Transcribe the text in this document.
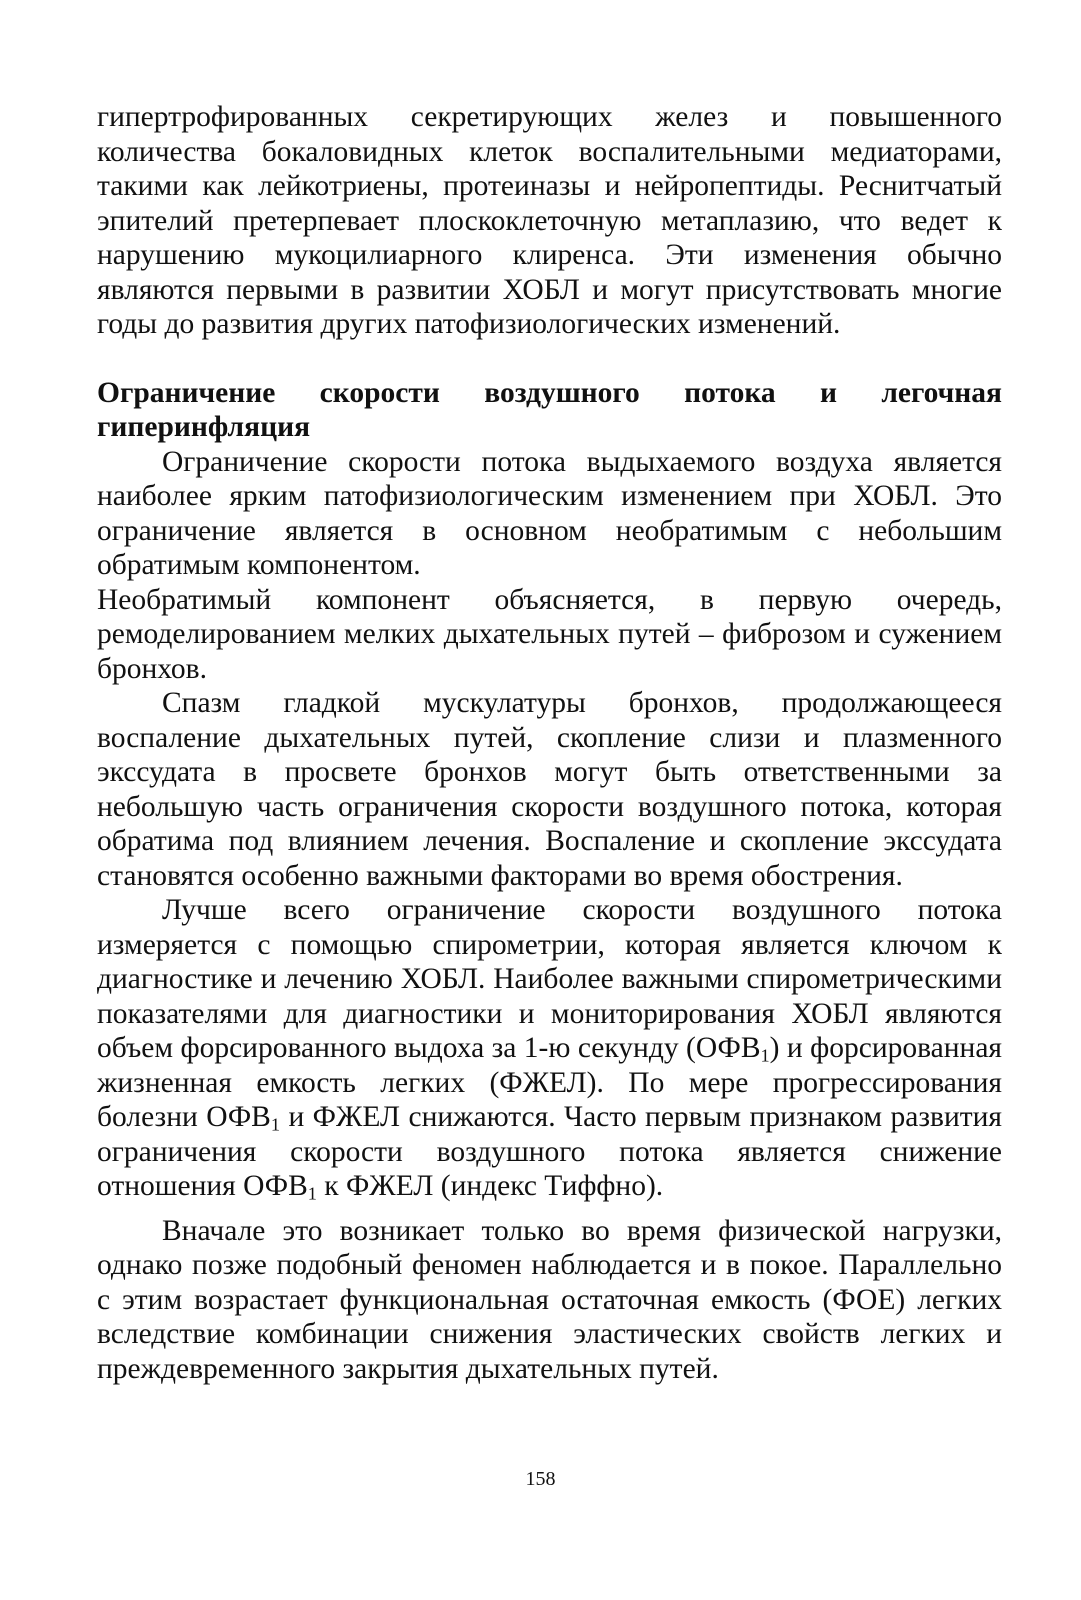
гипертрофированных секретирующих желез и повышенного количества бокаловидных клеток воспалительными медиаторами, такими как лейкотриены, протеиназы и нейропептиды. Реснитчатый эпителий претерпевает плоскоклеточную метаплазию, что ведет к нарушению мукоцилиарного клиренса. Эти изменения обычно являются первыми в развитии ХОБЛ и могут присутствовать многие годы до развития других патофизиологических изменений.

Ограничение скорости воздушного потока и легочная
гиперинфляция

Ограничение скорости потока выдыхаемого воздуха является наиболее ярким патофизиологическим изменением при ХОБЛ. Это ограничение является в основном необратимым с небольшим обратимым компонентом.

Необратимый компонент объясняется, в первую очередь, ремоделированием мелких дыхательных путей – фиброзом и сужением бронхов.

Спазм гладкой мускулатуры бронхов, продолжающееся воспаление дыхательных путей, скопление слизи и плазменного экссудата в просвете бронхов могут быть ответственными за небольшую часть ограничения скорости воздушного потока, которая обратима под влиянием лечения. Воспаление и скопление экссудата становятся особенно важными факторами во время обострения.

Лучше всего ограничение скорости воздушного потока измеряется с помощью спирометрии, которая является ключом к диагностике и лечению ХОБЛ. Наиболее важными спирометрическими показателями для диагностики и мониторирования ХОБЛ являются объем форсированного выдоха за 1-ю секунду $(ОФВ_1)$ и форсированная жизненная емкость легких (ФЖЕЛ). По мере прогрессирования болезни $ОФВ_1$ и ФЖЕЛ снижаются. Часто первым признаком развития ограничения скорости воздушного потока является снижение отношения $ОФВ_1$ к ФЖЕЛ (индекс Тиффно).

Вначале это возникает только во время физической нагрузки, однако позже подобный феномен наблюдается и в покое. Параллельно с этим возрастает функциональная остаточная емкость (ФОЕ) легких вследствие комбинации снижения эластических свойств легких и преждевременного закрытия дыхательных путей.

158
